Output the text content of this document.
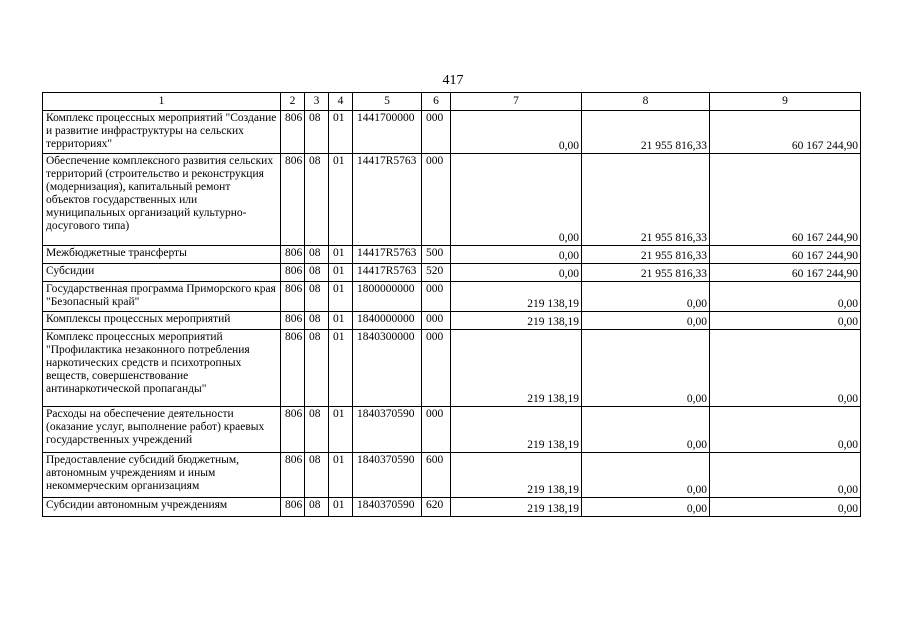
417
1	2	3	4	5	6	7	8	9
Комплекс процессных мероприятий "Создание и развитие инфраструктуры на сельских территориях"	806	08	01	1441700000	000	0,00	21 955 816,33	60 167 244,90
Обеспечение комплексного развития сельских территорий (строительство и реконструкция (модернизация), капитальный ремонт объектов государственных или муниципальных организаций культурно-досугового типа)	806	08	01	14417R5763	000	0,00	21 955 816,33	60 167 244,90
Межбюджетные трансферты	806	08	01	14417R5763	500	0,00	21 955 816,33	60 167 244,90
Субсидии	806	08	01	14417R5763	520	0,00	21 955 816,33	60 167 244,90
Государственная программа Приморского края "Безопасный край"	806	08	01	1800000000	000	219 138,19	0,00	0,00
Комплексы процессных мероприятий	806	08	01	1840000000	000	219 138,19	0,00	0,00
Комплекс процессных мероприятий "Профилактика незаконного потребления наркотических средств и психотропных веществ, совершенствование антинаркотической пропаганды"	806	08	01	1840300000	000	219 138,19	0,00	0,00
Расходы на обеспечение деятельности (оказание услуг, выполнение работ) краевых государственных учреждений	806	08	01	1840370590	000	219 138,19	0,00	0,00
Предоставление субсидий бюджетным, автономным учреждениям и иным некоммерческим организациям	806	08	01	1840370590	600	219 138,19	0,00	0,00
Субсидии автономным учреждениям	806	08	01	1840370590	620	219 138,19	0,00	0,00
